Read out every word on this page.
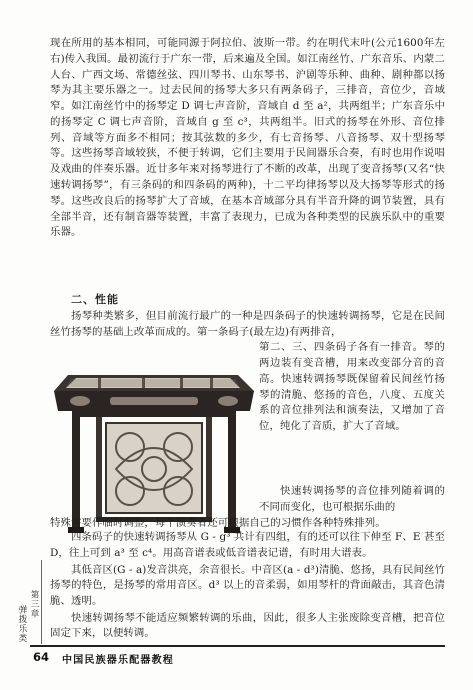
现在所用的基本相同，可能同源于阿拉伯、波斯一带。约在明代末叶(公元1600年左右)传入我国。最初流行于广东一带，后来遍及全国。如江南丝竹、广东音乐、内蒙二人台、广西文场、常德丝弦、四川琴书、山东琴书、沪剧等乐种、曲种、剧种都以扬琴为其主要乐器之一。过去民间的扬琴大多只有两条码子，三排音，音位少，音域窄。如江南丝竹中的扬琴定 D 调七声音阶，音域自 d 至 a²，共两组半；广东音乐中的扬琴定 C 调七声音阶，音域自 g 至 c³，共两组半。旧式的扬琴在外形、音位排列、音域等方面多不相同；按其弦数的多少，有七音扬琴、八音扬琴、双十型扬琴等。这些扬琴音域较狭，不便于转调，它们主要用于民间器乐合奏，有时也用作说唱及戏曲的伴奏乐器。近廿多年来对扬琴进行了不断的改革，出现了变音扬琴(又名“快速转调扬琴”，有三条码的和四条码的两种)，十二平均律扬琴以及大扬琴等形式的扬琴。这些改良后的扬琴扩大了音域，在基本音域部分具有半音升降的调节装置，具有全部半音，还有制音器等装置，丰富了表现力，已成为各种类型的民族乐队中的重要乐器。

二、性能

扬琴种类繁多，但目前流行最广的一种是四条码子的快速转调扬琴，它是在民间丝竹扬琴的基础上改革而成的。第一条码子(最左边)有两排音，

第二、三、四条码子各有一排音。琴的两边装有变音槽，用来改变部分音的音高。快速转调扬琴既保留着民间丝竹扬琴的清脆、悠扬的音色，八度、五度关系的音位排列法和演奏法，又增加了音位，纯化了音质，扩大了音域。

快速转调扬琴的音位排列随着调的不同而变化，也可根据乐曲的

特殊需要作临时调整，每个演奏者还可根据自己的习惯作各种特殊排列。

四条码子的快速转调扬琴从 G - g³ 共计有四组，有的还可以往下伸至 F、E 甚至 D，往上可到 a³ 至 c⁴。用高音谱表或低音谱表记谱，有时用大谱表。

第三章
弹拨乐类
64 中国民族器乐配器教程

其低音区(G - a)发音洪亮，余音很长。中音区(a - d³)清脆、悠扬，具有民间丝竹扬琴的特色，是扬琴的常用音区。d³ 以上的音柔弱，如用琴杆的背面敲击，其音色清脆、透明。

快速转调扬琴不能适应频繁转调的乐曲，因此，很多人主张废除变音槽，把音位固定下来，以便转调。
